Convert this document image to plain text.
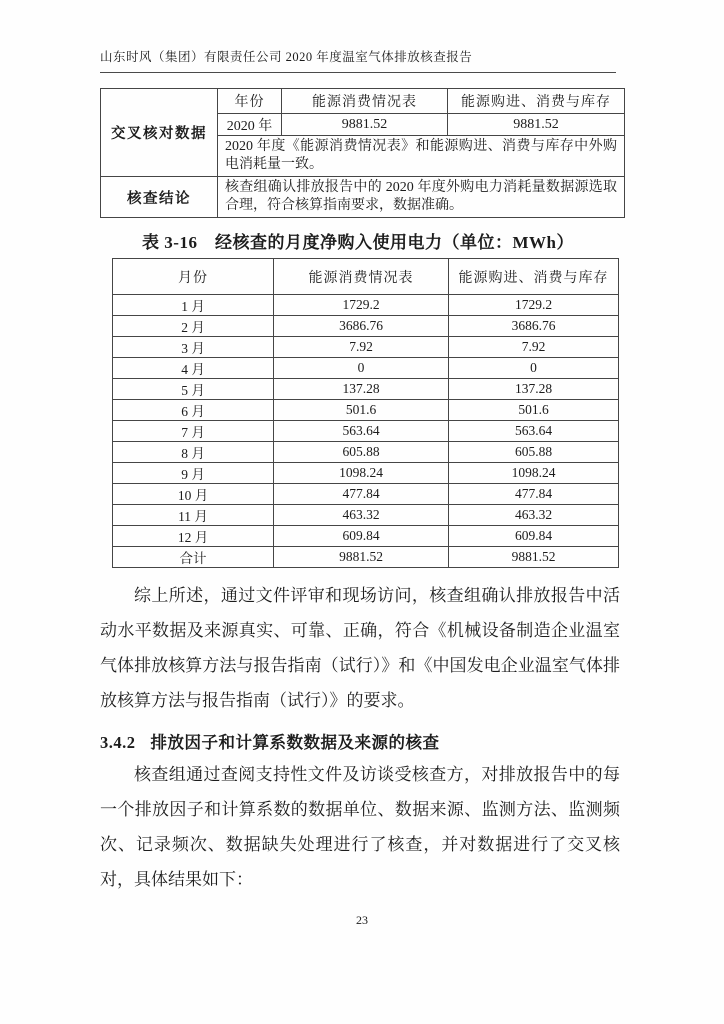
山东时风（集团）有限责任公司 2020 年度温室气体排放核查报告
交叉核对数据	年份	能源消费情况表	能源购进、消费与库存
	2020 年	9881.52	9881.52
	2020 年度《能源消费情况表》和能源购进、消费与库存中外购电消耗量一致。		
核查结论	核查组确认排放报告中的 2020 年度外购电力消耗量数据源选取合理，符合核算指南要求，数据准确。		
表 3-16　经核查的月度净购入使用电力（单位：MWh）
月份	能源消费情况表	能源购进、消费与库存
1 月	1729.2	1729.2
2 月	3686.76	3686.76
3 月	7.92	7.92
4 月	0	0
5 月	137.28	137.28
6 月	501.6	501.6
7 月	563.64	563.64
8 月	605.88	605.88
9 月	1098.24	1098.24
10 月	477.84	477.84
11 月	463.32	463.32
12 月	609.84	609.84
合计	9881.52	9881.52

综上所述，通过文件评审和现场访问，核查组确认排放报告中活动水平数据及来源真实、可靠、正确，符合《机械设备制造企业温室气体排放核算方法与报告指南（试行）》和《中国发电企业温室气体排放核算方法与报告指南（试行）》的要求。

3.4.2 排放因子和计算系数数据及来源的核查

核查组通过查阅支持性文件及访谈受核查方，对排放报告中的每一个排放因子和计算系数的数据单位、数据来源、监测方法、监测频次、记录频次、数据缺失处理进行了核查，并对数据进行了交叉核对，具体结果如下：

23
